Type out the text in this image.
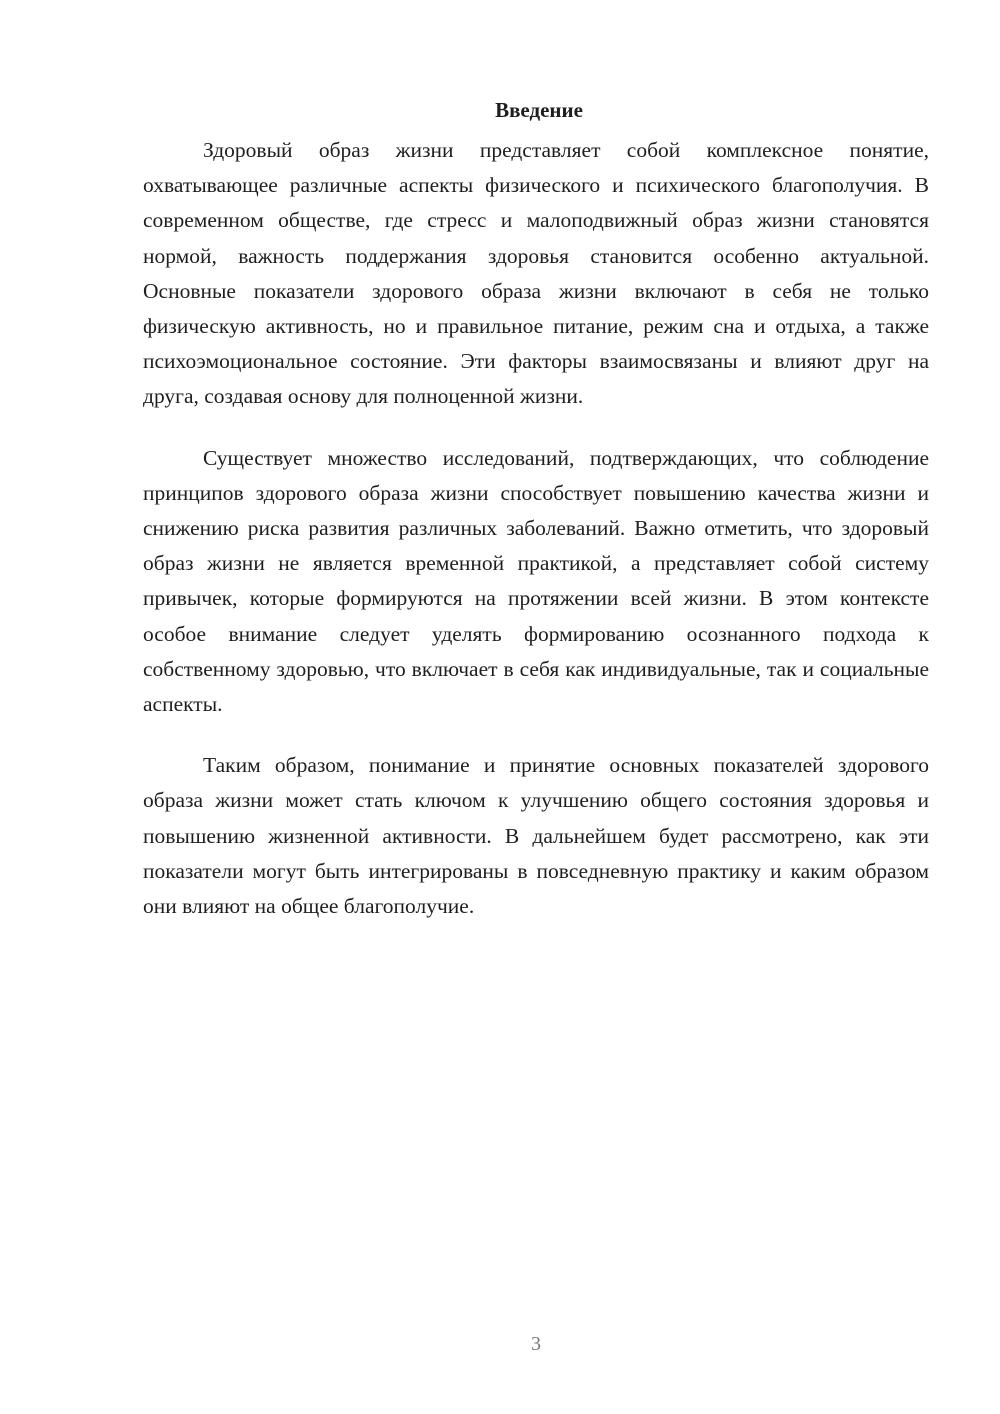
Введение

Здоровый образ жизни представляет собой комплексное понятие, охватывающее различные аспекты физического и психического благополучия. В современном обществе, где стресс и малоподвижный образ жизни становятся нормой, важность поддержания здоровья становится особенно актуальной. Основные показатели здорового образа жизни включают в себя не только физическую активность, но и правильное питание, режим сна и отдыха, а также психоэмоциональное состояние. Эти факторы взаимосвязаны и влияют друг на друга, создавая основу для полноценной жизни.

Существует множество исследований, подтверждающих, что соблюдение принципов здорового образа жизни способствует повышению качества жизни и снижению риска развития различных заболеваний. Важно отметить, что здоровый образ жизни не является временной практикой, а представляет собой систему привычек, которые формируются на протяжении всей жизни. В этом контексте особое внимание следует уделять формированию осознанного подхода к собственному здоровью, что включает в себя как индивидуальные, так и социальные аспекты.

Таким образом, понимание и принятие основных показателей здорового образа жизни может стать ключом к улучшению общего состояния здоровья и повышению жизненной активности. В дальнейшем будет рассмотрено, как эти показатели могут быть интегрированы в повседневную практику и каким образом они влияют на общее благополучие.

3
